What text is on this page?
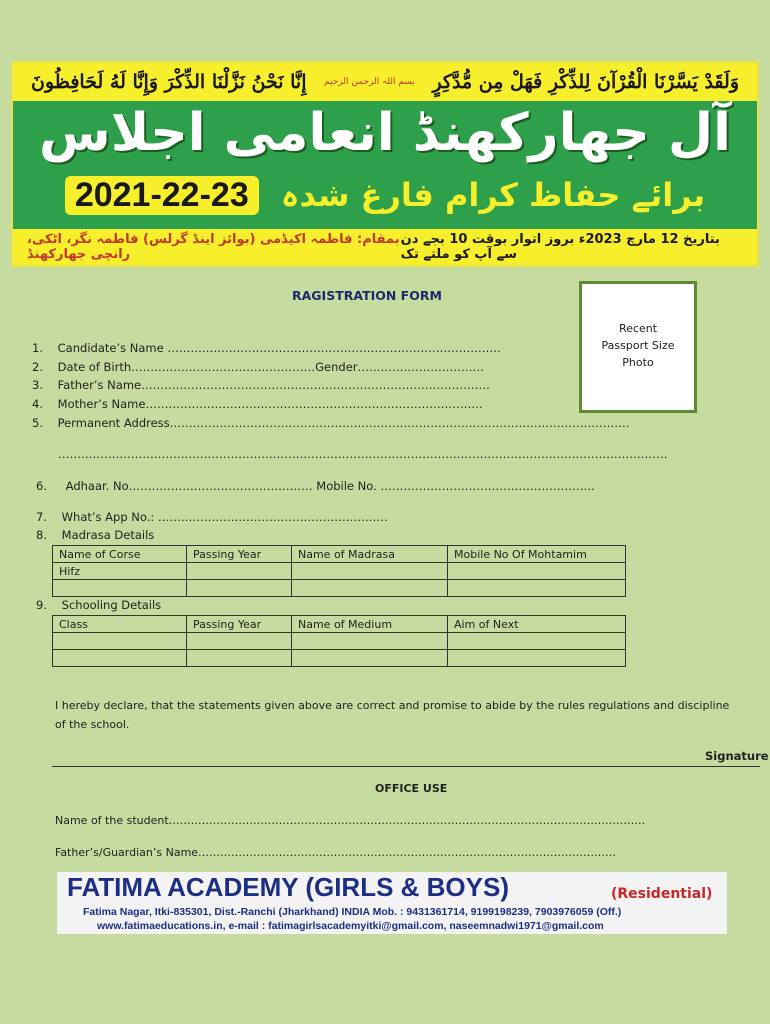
إِنَّا نَحْنُ نَزَّلْنَا الذِّكْرَ وَإِنَّا لَهُ لَحَافِظُونَ بسم اللہ الرحمن الرحیم وَلَقَدْ يَسَّرْنَا الْقُرْآنَ لِلذِّكْرِ فَهَلْ مِن مُّدَّكِرٍ
آل جھارکھنڈ انعامی اجلاس
2021-22-23	برائے حفاظ کرام فارغ شدہ
بمقام: فاطمہ اکیڈمی (بوائز اینڈ گرلس) فاطمہ نگر، اٹکی، رانچی جھارکھنڈ
بتاریخ 12 مارچ 2023ء بروز اتوار بوقت 10 بجے دن سے آپ کو ملتے تک
RAGISTRATION FORM
Recent
Passport Size
Photo
1. Candidate’s Name ……………………………………………………………………………
2. Date of Birth…………………………………………Gender……………………………
3. Father’s Name……………………………………………………………………………….
4. Mother’s Name…………………………………………………………………………….
5. Permanent Address…………………………………………………………………………………………………………
……………………………………………………………………………………………………………………………………………
6. Adhaar. No………………………………………… Mobile No. ………………………………………………..
7. What’s App No.: ……………………………………………………
8. Madrasa Details
Name of Corse	Passing Year	Name of Madrasa	Mobile No Of Mohtamim
Hifz			

9. Schooling Details
Class	Passing Year	Name of Medium	Aim of Next

I hereby declare, that the statements given above are correct and promise to abide by the rules regulations and discipline
of the school.
Signature
OFFICE USE
Name of the student………………………………………………………………………………………………………………….
Father’s/Guardian’s Name……………………………………………………………………………………………………
FATIMA ACADEMY (GIRLS & BOYS)	(Residential)
Fatima Nagar, Itki-835301, Dist.-Ranchi (Jharkhand) INDIA Mob. : 9431361714, 9199198239, 7903976059 (Off.)
www.fatimaeducations.in, e-mail : fatimagirlsacademyitki@gmail.com, naseemnadwi1971@gmail.com
